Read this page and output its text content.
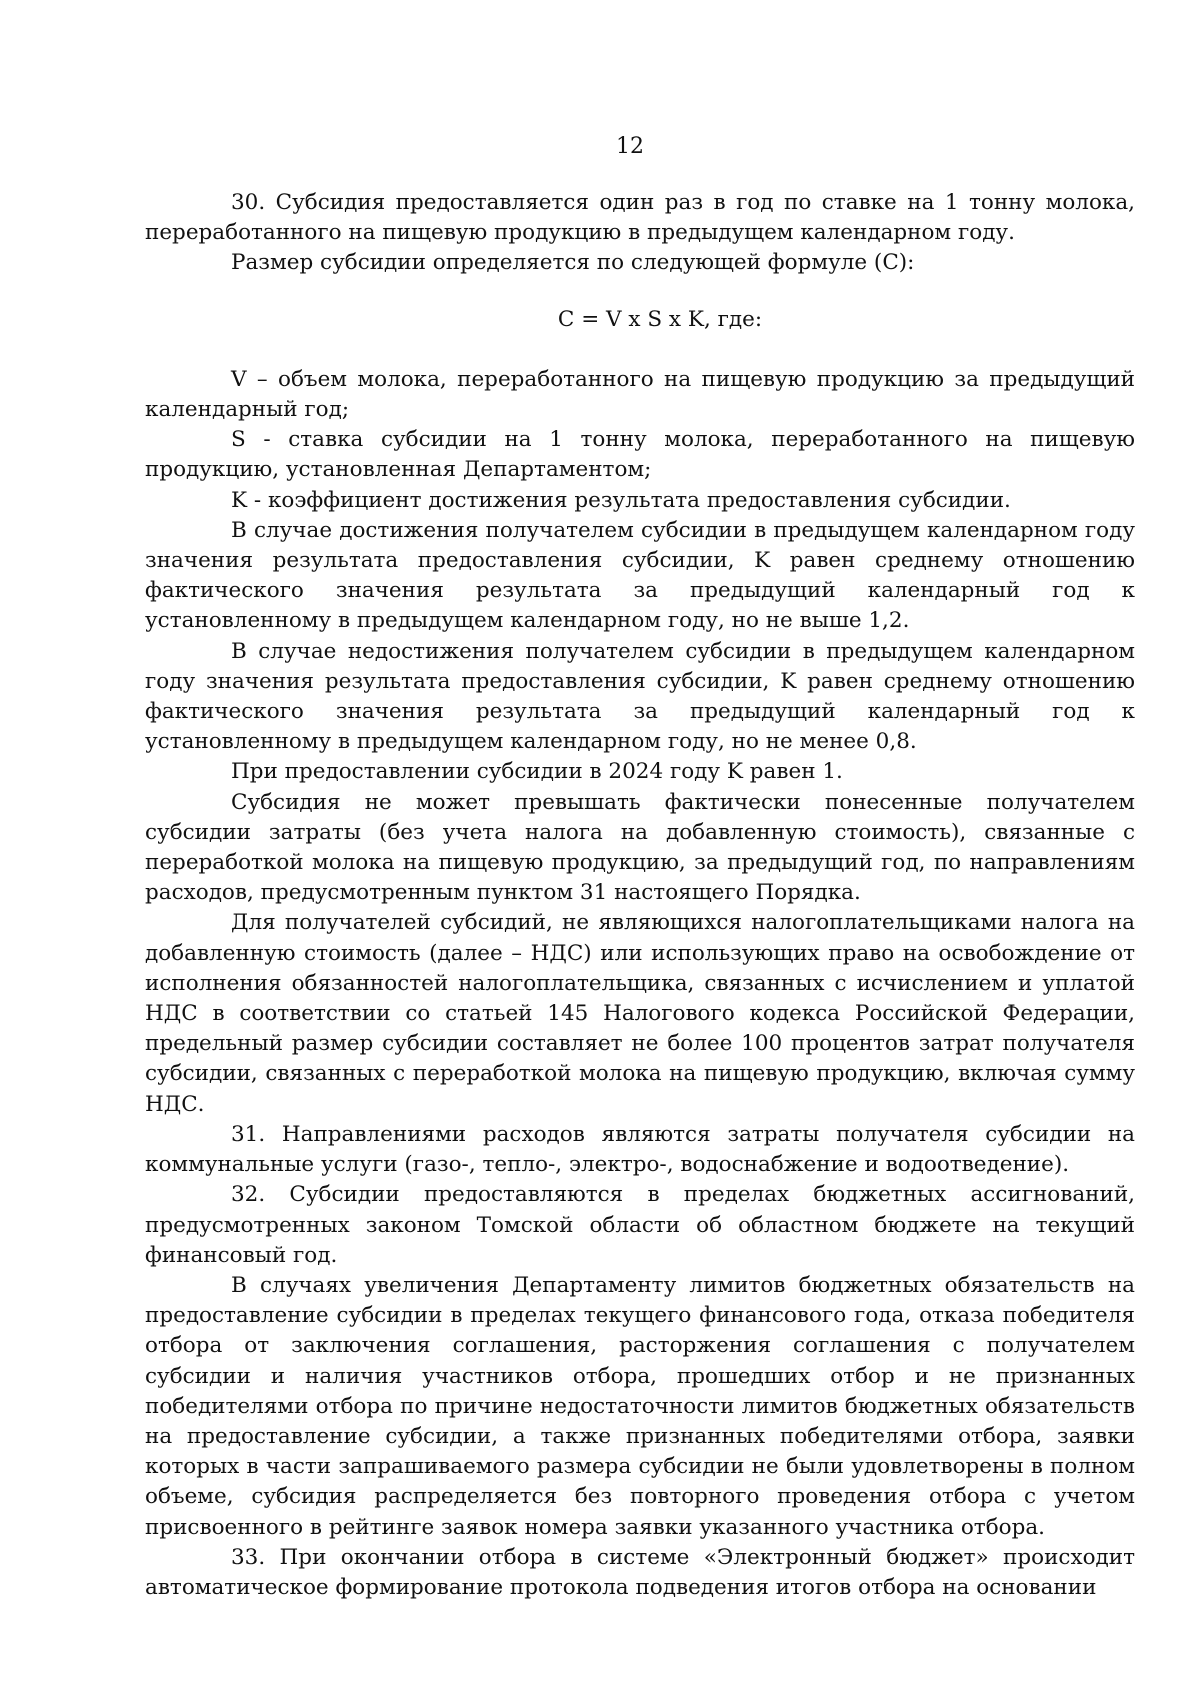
12

30. Субсидия предоставляется один раз в год по ставке на 1 тонну молока, переработанного на пищевую продукцию в предыдущем календарном году.

Размер субсидии определяется по следующей формуле (C):

C = V x S x K, где:

V – объем молока, переработанного на пищевую продукцию за предыдущий календарный год;

S - ставка субсидии на 1 тонну молока, переработанного на пищевую продукцию, установленная Департаментом;

K - коэффициент достижения результата предоставления субсидии.

В случае достижения получателем субсидии в предыдущем календарном году значения результата предоставления субсидии, K равен среднему отношению фактического значения результата за предыдущий календарный год к установленному в предыдущем календарном году, но не выше 1,2.

В случае недостижения получателем субсидии в предыдущем календарном году значения результата предоставления субсидии, K равен среднему отношению фактического значения результата за предыдущий календарный год к установленному в предыдущем календарном году, но не менее 0,8.

При предоставлении субсидии в 2024 году K равен 1.

Субсидия не может превышать фактически понесенные получателем субсидии затраты (без учета налога на добавленную стоимость), связанные с переработкой молока на пищевую продукцию, за предыдущий год, по направлениям расходов, предусмотренным пунктом 31 настоящего Порядка.

Для получателей субсидий, не являющихся налогоплательщиками налога на добавленную стоимость (далее – НДС) или использующих право на освобождение от исполнения обязанностей налогоплательщика, связанных с исчислением и уплатой НДС в соответствии со статьей 145 Налогового кодекса Российской Федерации, предельный размер субсидии составляет не более 100 процентов затрат получателя субсидии, связанных с переработкой молока на пищевую продукцию, включая сумму НДС.

31. Направлениями расходов являются затраты получателя субсидии на коммунальные услуги (газо-, тепло-, электро-, водоснабжение и водоотведение).

32. Субсидии предоставляются в пределах бюджетных ассигнований, предусмотренных законом Томской области об областном бюджете на текущий финансовый год.

В случаях увеличения Департаменту лимитов бюджетных обязательств на предоставление субсидии в пределах текущего финансового года, отказа победителя отбора от заключения соглашения, расторжения соглашения с получателем субсидии и наличия участников отбора, прошедших отбор и не признанных победителями отбора по причине недостаточности лимитов бюджетных обязательств на предоставление субсидии, а также признанных победителями отбора, заявки которых в части запрашиваемого размера субсидии не были удовлетворены в полном объеме, субсидия распределяется без повторного проведения отбора с учетом присвоенного в рейтинге заявок номера заявки указанного участника отбора.

33. При окончании отбора в системе «Электронный бюджет» происходит автоматическое формирование протокола подведения итогов отбора на основании
